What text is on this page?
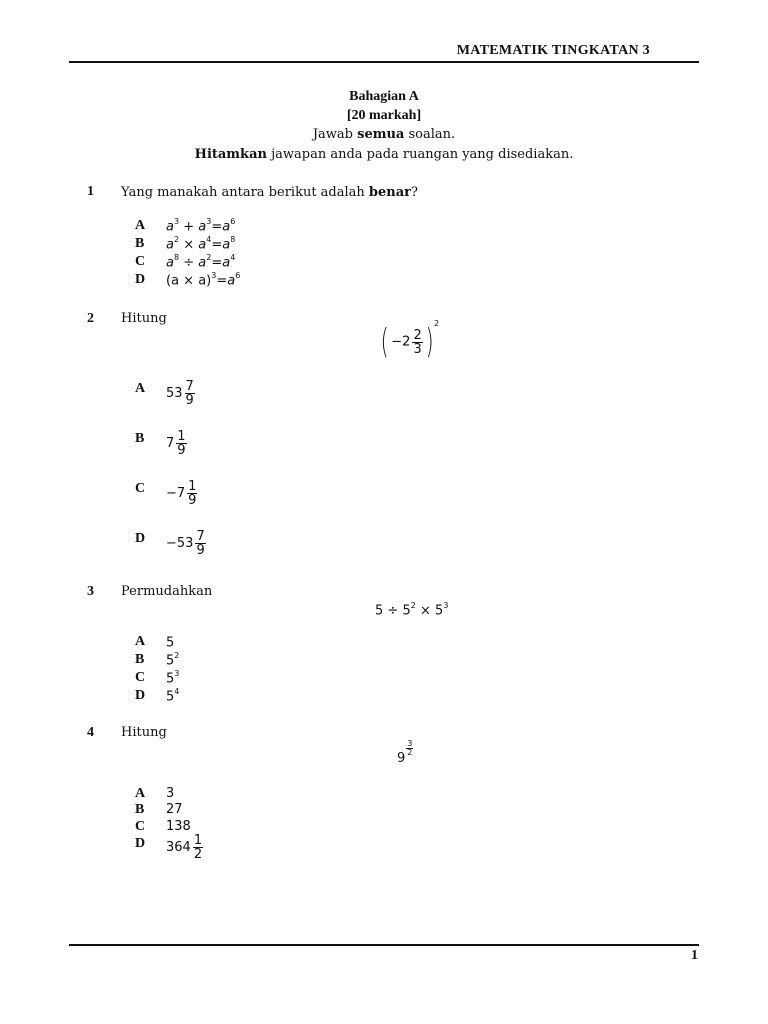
MATEMATIK TINGKATAN 3
Bahagian A
[20 markah]
Jawab semua soalan.
Hitamkan jawapan anda pada ruangan yang disediakan.
1 Yang manakah antara berikut adalah benar?
A $a^3 + a^3=a^6$
B $a^2 \times a^4=a^8$
C $a^8 \div a^2=a^4$
D $(a \times a)^3=a^6$
2 Hitung
( $-2 \frac{2}{3} )^2$
A $53 \frac{7}{9}$
B $7 \frac{1}{9}$
$C -7 \frac{1}{9}$
$D -53 \frac{7}{9}$
3 Permudahkan
$5 \div 5^2 \times 5^3$
A 5
B $5^2$
C $5^3$
D $5^4$
4 Hitung
9
$\frac{3}{2}$
A 3
B 27
C 138
D $364 \frac{1}{2}$
1
